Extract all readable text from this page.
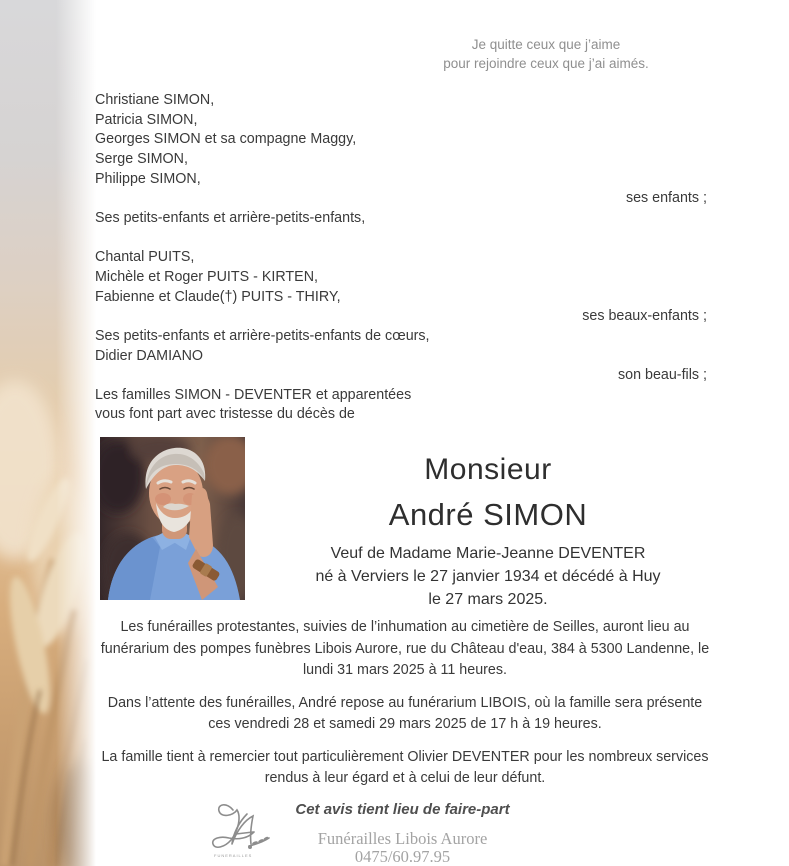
Je quitte ceux que j’aime
pour rejoindre ceux que j’ai aimés.
Christiane SIMON,
Patricia SIMON,
Georges SIMON et sa compagne Maggy,
Serge SIMON,
Philippe SIMON,
ses enfants ;
Ses petits-enfants et arrière-petits-enfants,
Chantal PUITS,
Michèle et Roger PUITS - KIRTEN,
Fabienne et Claude(†) PUITS - THIRY,
ses beaux-enfants ;
Ses petits-enfants et arrière-petits-enfants de cœurs,
Didier DAMIANO
son beau-fils ;
Les familles SIMON - DEVENTER et apparentées
vous font part avec tristesse du décès de
Monsieur
André SIMON
Veuf de Madame Marie-Jeanne DEVENTER
né à Verviers le 27 janvier 1934 et décédé à Huy
le 27 mars 2025.

Les funérailles protestantes, suivies de l’inhumation au cimetière de Seilles, auront lieu au funérarium des pompes funèbres Libois Aurore, rue du Château d'eau, 384 à 5300 Landenne, le lundi 31 mars 2025 à 11 heures.

Dans l’attente des funérailles, André repose au funérarium LIBOIS, où la famille sera présente ces vendredi 28 et samedi 29 mars 2025 de 17 h à 19 heures.

La famille tient à remercier tout particulièrement Olivier DEVENTER pour les nombreux services rendus à leur égard et à celui de leur défunt.

FUNERAILLES
Cet avis tient lieu de faire-part
Funérailles Libois Aurore
0475/60.97.95
